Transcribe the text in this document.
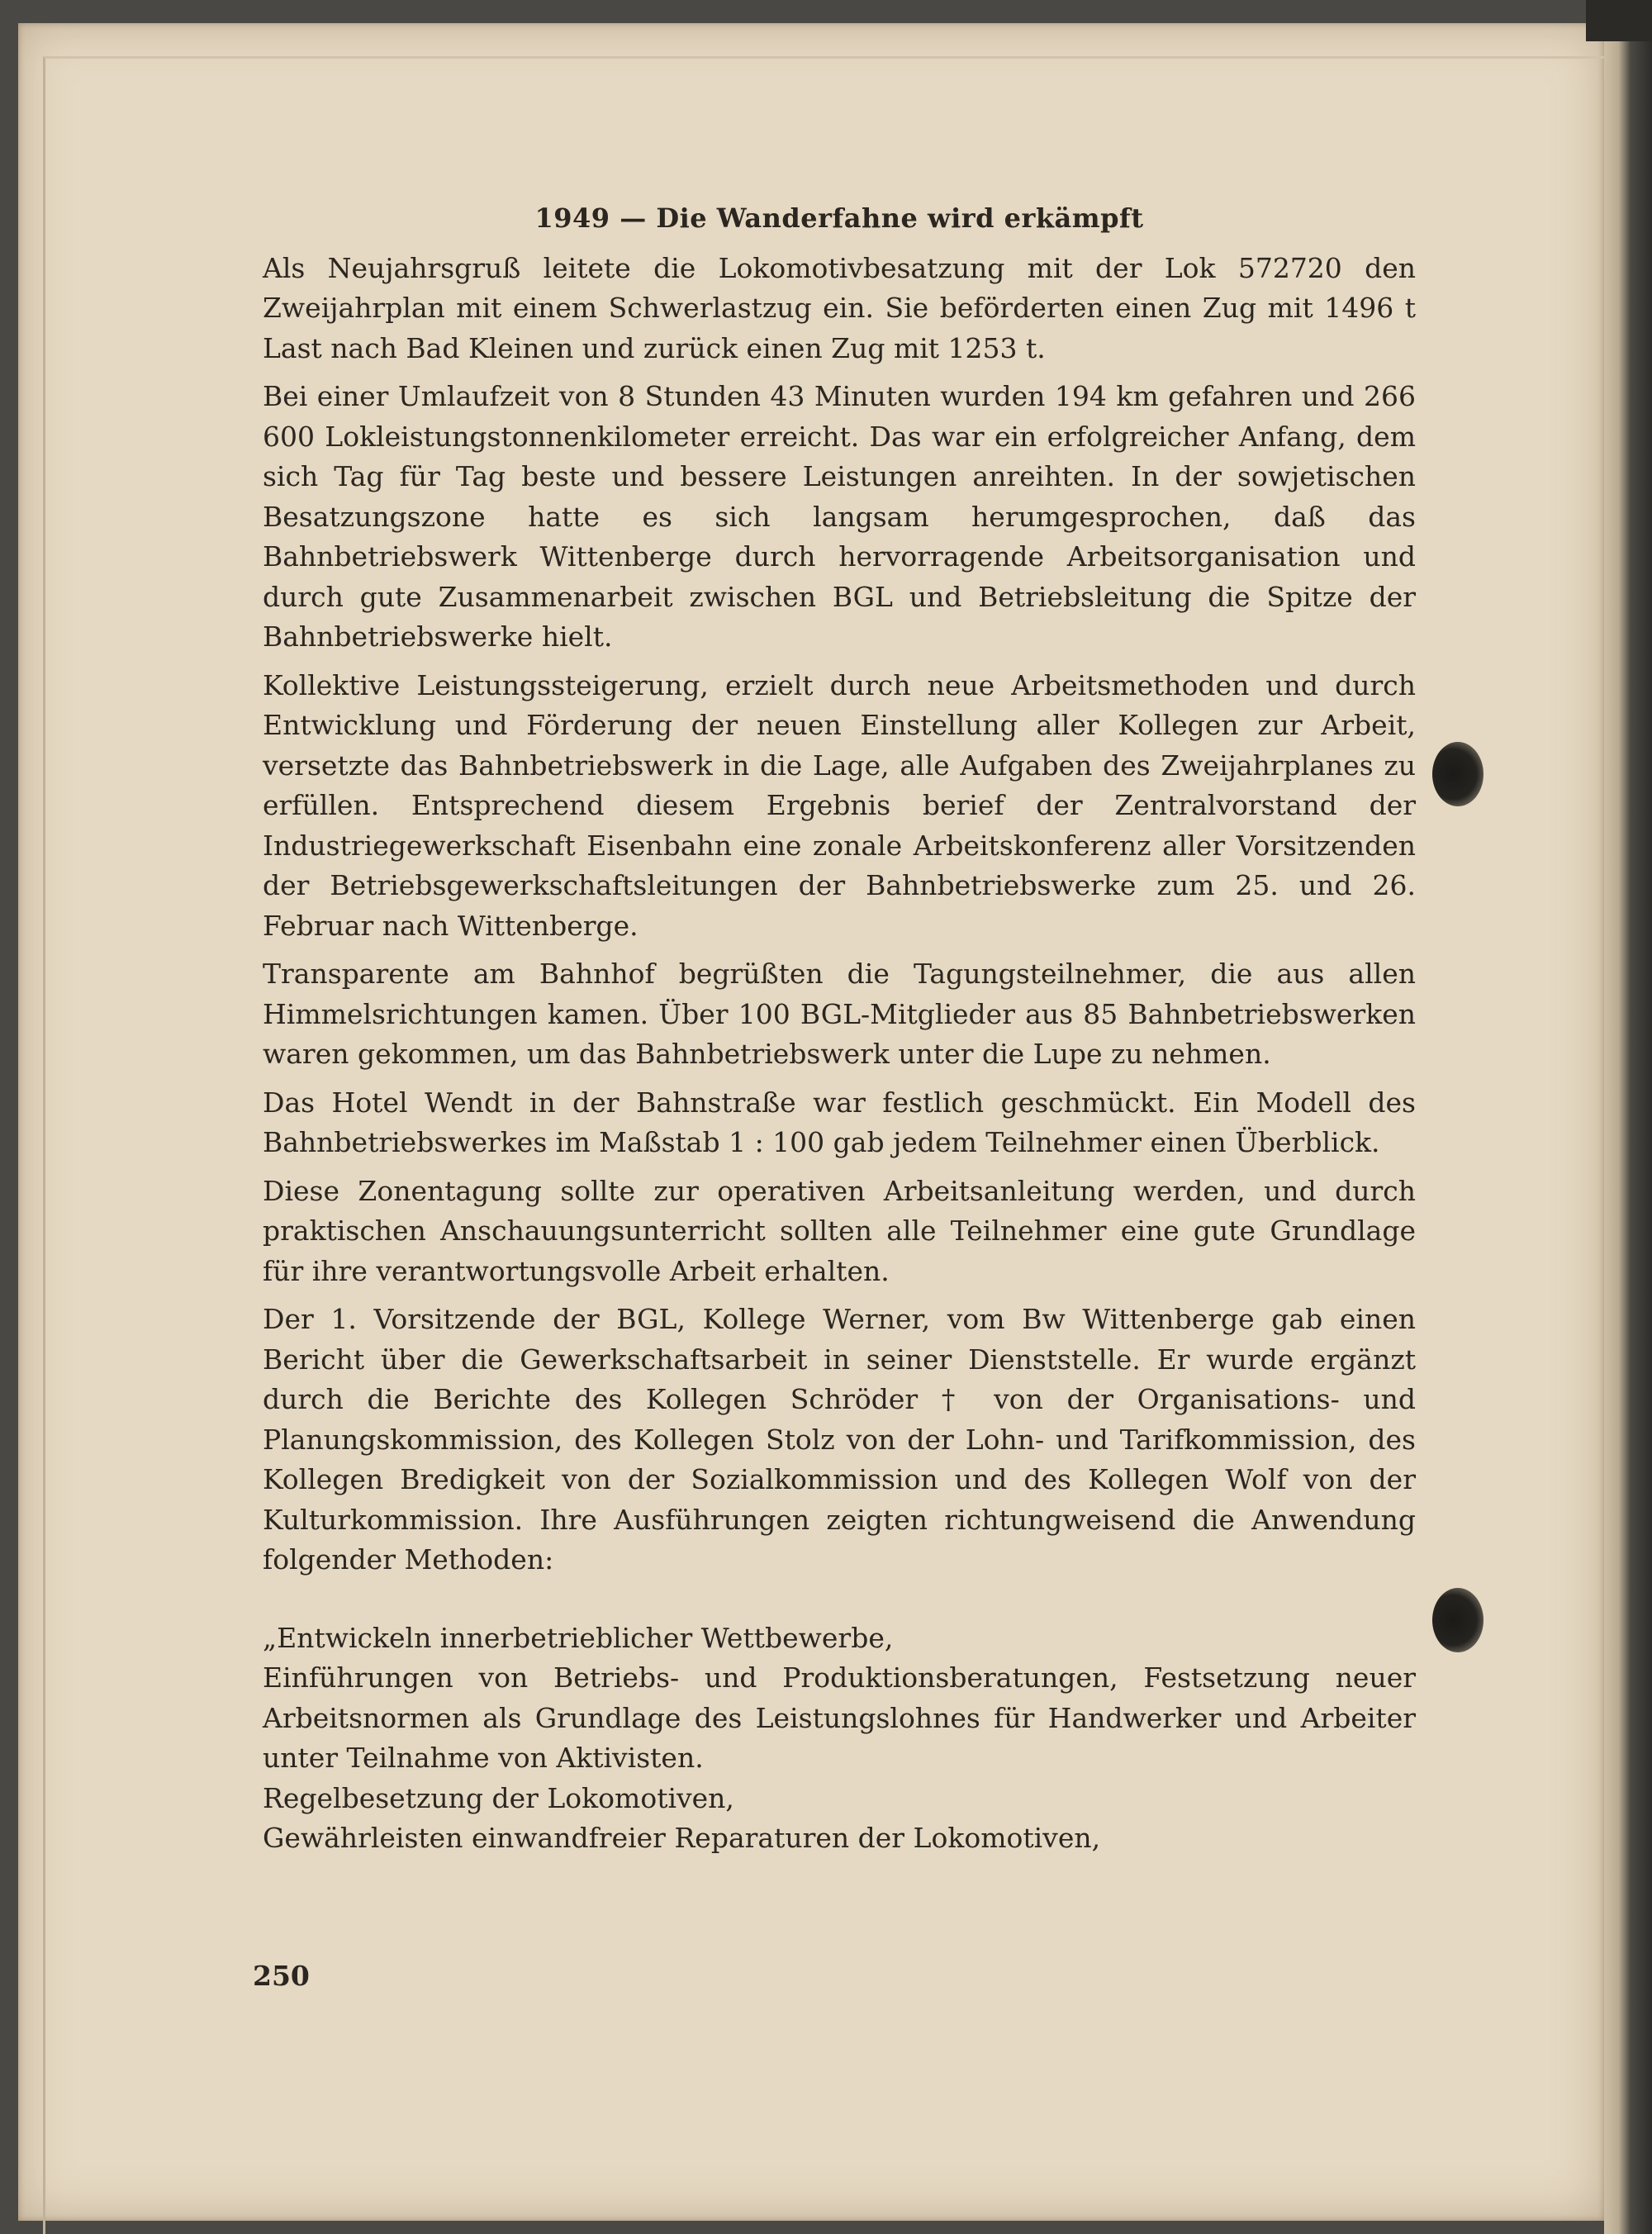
1949 — Die Wanderfahne wird erkämpft

Als Neujahrsgruß leitete die Lokomotivbesatzung mit der Lok 572720 den Zweijahrplan mit einem Schwerlastzug ein. Sie beförderten einen Zug mit 1496 t Last nach Bad Kleinen und zurück einen Zug mit 1253 t.

Bei einer Umlaufzeit von 8 Stunden 43 Minuten wurden 194 km gefahren und 266 600 Lokleistungstonnenkilometer erreicht. Das war ein erfolgreicher Anfang, dem sich Tag für Tag beste und bessere Leistungen anreihten. In der sowjetischen Besatzungszone hatte es sich langsam herumgesprochen, daß das Bahnbetriebswerk Wittenberge durch hervorragende Arbeitsorganisation und durch gute Zusammenarbeit zwischen BGL und Betriebsleitung die Spitze der Bahnbetriebswerke hielt.

Kollektive Leistungssteigerung, erzielt durch neue Arbeitsmethoden und durch Entwicklung und Förderung der neuen Einstellung aller Kollegen zur Arbeit, versetzte das Bahnbetriebswerk in die Lage, alle Aufgaben des Zweijahrplanes zu erfüllen. Entsprechend diesem Ergebnis berief der Zentralvorstand der Industriegewerkschaft Eisenbahn eine zonale Arbeitskonferenz aller Vorsitzenden der Betriebsgewerkschaftsleitungen der Bahnbetriebswerke zum 25. und 26. Februar nach Wittenberge.

Transparente am Bahnhof begrüßten die Tagungsteilnehmer, die aus allen Himmelsrichtungen kamen. Über 100 BGL-Mitglieder aus 85 Bahnbetriebswerken waren gekommen, um das Bahnbetriebswerk unter die Lupe zu nehmen.

Das Hotel Wendt in der Bahnstraße war festlich geschmückt. Ein Modell des Bahnbetriebswerkes im Maßstab 1 : 100 gab jedem Teilnehmer einen Überblick.

Diese Zonentagung sollte zur operativen Arbeitsanleitung werden, und durch praktischen Anschauungsunterricht sollten alle Teilnehmer eine gute Grundlage für ihre verantwortungsvolle Arbeit erhalten.

Der 1. Vorsitzende der BGL, Kollege Werner, vom Bw Wittenberge gab einen Bericht über die Gewerkschaftsarbeit in seiner Dienststelle. Er wurde ergänzt durch die Berichte des Kollegen Schröder † von der Organisations- und Planungskommission, des Kollegen Stolz von der Lohn- und Tarifkommission, des Kollegen Bredigkeit von der Sozialkommission und des Kollegen Wolf von der Kulturkommission. Ihre Ausführungen zeigten richtungweisend die Anwendung folgender Methoden:

„Entwickeln innerbetrieblicher Wettbewerbe,

Einführungen von Betriebs- und Produktionsberatungen, Festsetzung neuer Arbeitsnormen als Grundlage des Leistungslohnes für Handwerker und Arbeiter unter Teilnahme von Aktivisten.

Regelbesetzung der Lokomotiven,

Gewährleisten einwandfreier Reparaturen der Lokomotiven,

250
